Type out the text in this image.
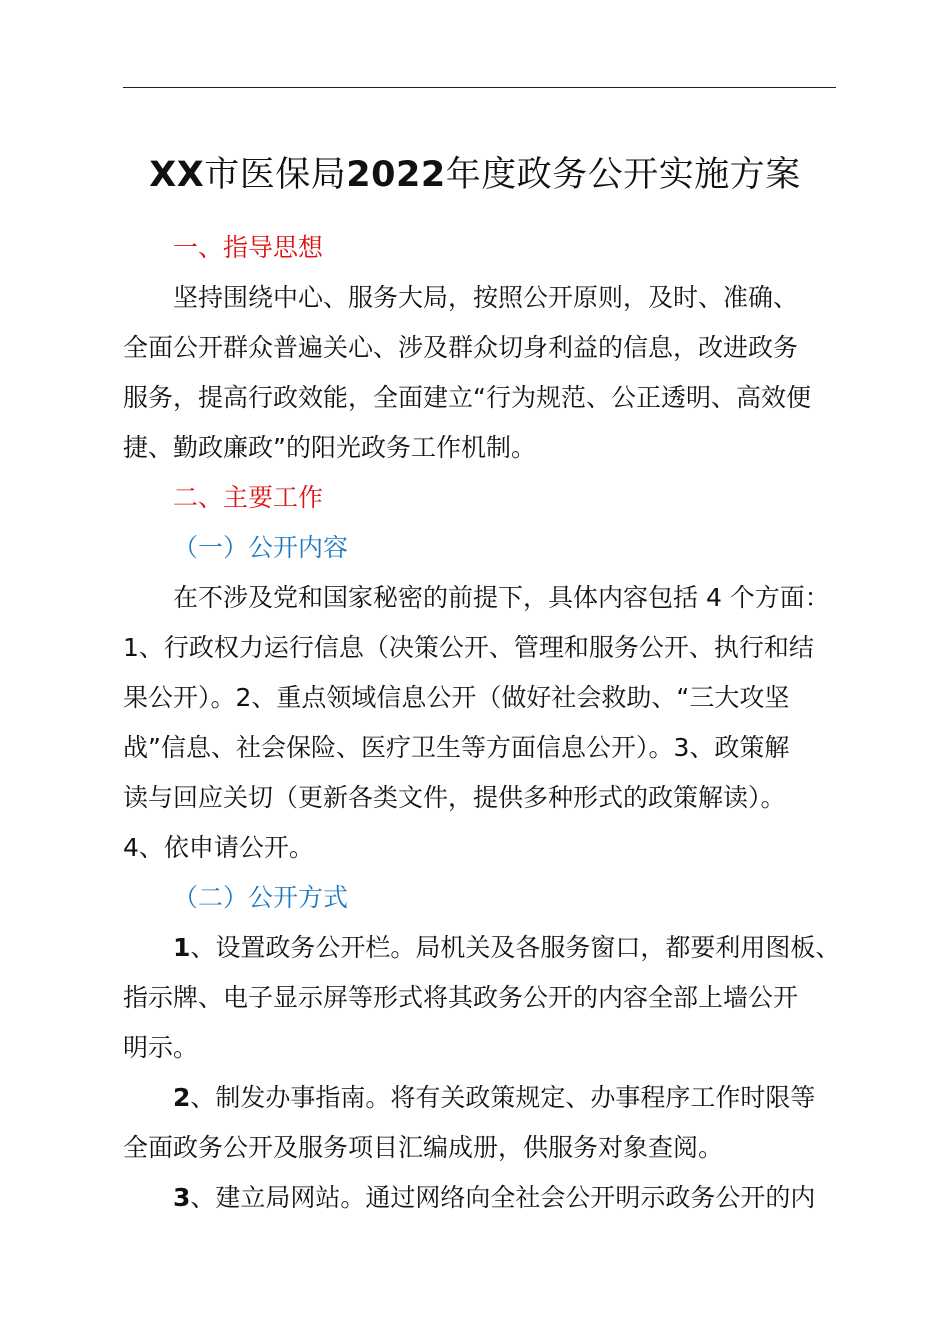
XX市医保局2022年度政务公开实施方案
一、指导思想
坚持围绕中心、服务大局，按照公开原则，及时、准确、
全面公开群众普遍关心、涉及群众切身利益的信息，改进政务
服务，提高行政效能，全面建立“行为规范、公正透明、高效便
捷、勤政廉政”的阳光政务工作机制。
二、主要工作
（一）公开内容
在不涉及党和国家秘密的前提下，具体内容包括 4 个方面：
1、行政权力运行信息（决策公开、管理和服务公开、执行和结
果公开）。2、重点领域信息公开（做好社会救助、“三大攻坚
战”信息、社会保险、医疗卫生等方面信息公开）。3、政策解
读与回应关切（更新各类文件，提供多种形式的政策解读）。
4、依申请公开。
（二）公开方式
1、设置政务公开栏。局机关及各服务窗口，都要利用图板、
指示牌、电子显示屏等形式将其政务公开的内容全部上墙公开
明示。
2、制发办事指南。将有关政策规定、办事程序工作时限等
全面政务公开及服务项目汇编成册，供服务对象查阅。
3、建立局网站。通过网络向全社会公开明示政务公开的内
